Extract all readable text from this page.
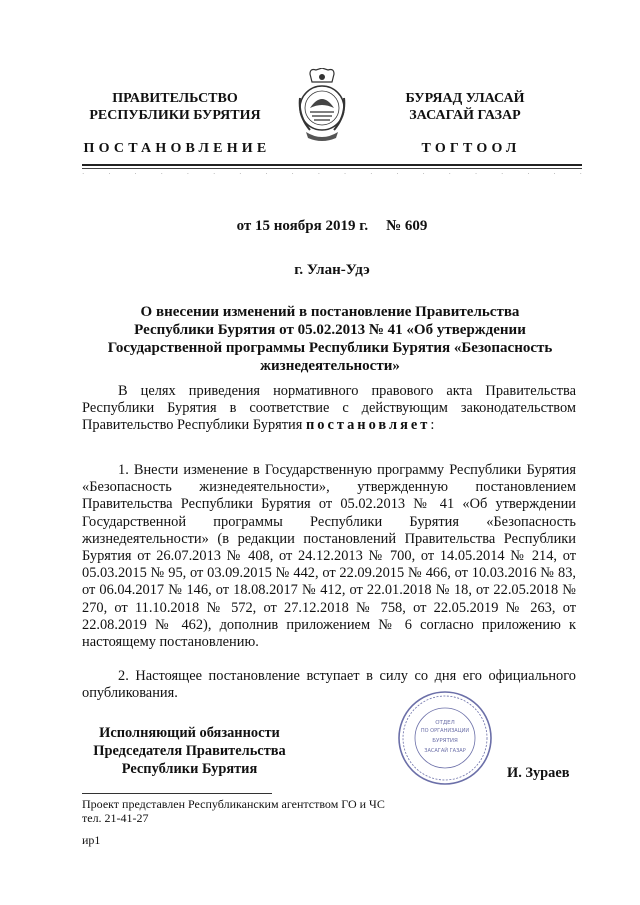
ПРАВИТЕЛЬСТВО
РЕСПУБЛИКИ БУРЯТИЯ
БУРЯАД УЛАСАЙ
ЗАСАГАЙ ГАЗАР
ПОСТАНОВЛЕНИЕ	ТОГТООЛ
·	·	·	·	·	·	·	·	·	·	·	·	·	·	·	·	·	·	·	·
от 15 ноября 2019 г. № 609
г. Улан-Удэ
О внесении изменений в постановление Правительства Республики Бурятия от 05.02.2013 № 41 «Об утверждении Государственной программы Республики Бурятия «Безопасность жизнедеятельности»
В целях приведения нормативного правового акта Правительства Республики Бурятия в соответствие с действующим законодательством Правительство Республики Бурятия постановляет:
1. Внести изменение в Государственную программу Республики Бурятия «Безопасность жизнедеятельности», утвержденную постановлением Правительства Республики Бурятия от 05.02.2013 № 41 «Об утверждении Государственной программы Республики Бурятия «Безопасность жизнедеятельности» (в редакции постановлений Правительства Республики Бурятия от 26.07.2013 № 408, от 24.12.2013 № 700, от 14.05.2014 № 214, от 05.03.2015 № 95, от 03.09.2015 № 442, от 22.09.2015 № 466, от 10.03.2016 № 83, от 06.04.2017 № 146, от 18.08.2017 № 412, от 22.01.2018 № 18, от 22.05.2018 № 270, от 11.10.2018 № 572, от 27.12.2018 № 758, от 22.05.2019 № 263, от 22.08.2019 № 462), дополнив приложением № 6 согласно приложению к настоящему постановлению.
2. Настоящее постановление вступает в силу со дня его официального опубликования.
Исполняющий обязанности
Председателя Правительства
Республики Бурятия
ОТДЕЛ
ПО ОРГАНИЗАЦИИ
БУРЯТИЯ
ЗАСАГАЙ ГАЗАР
И. Зураев
Проект представлен Республиканским агентством ГО и ЧС
тел. 21-41-27
ир1
